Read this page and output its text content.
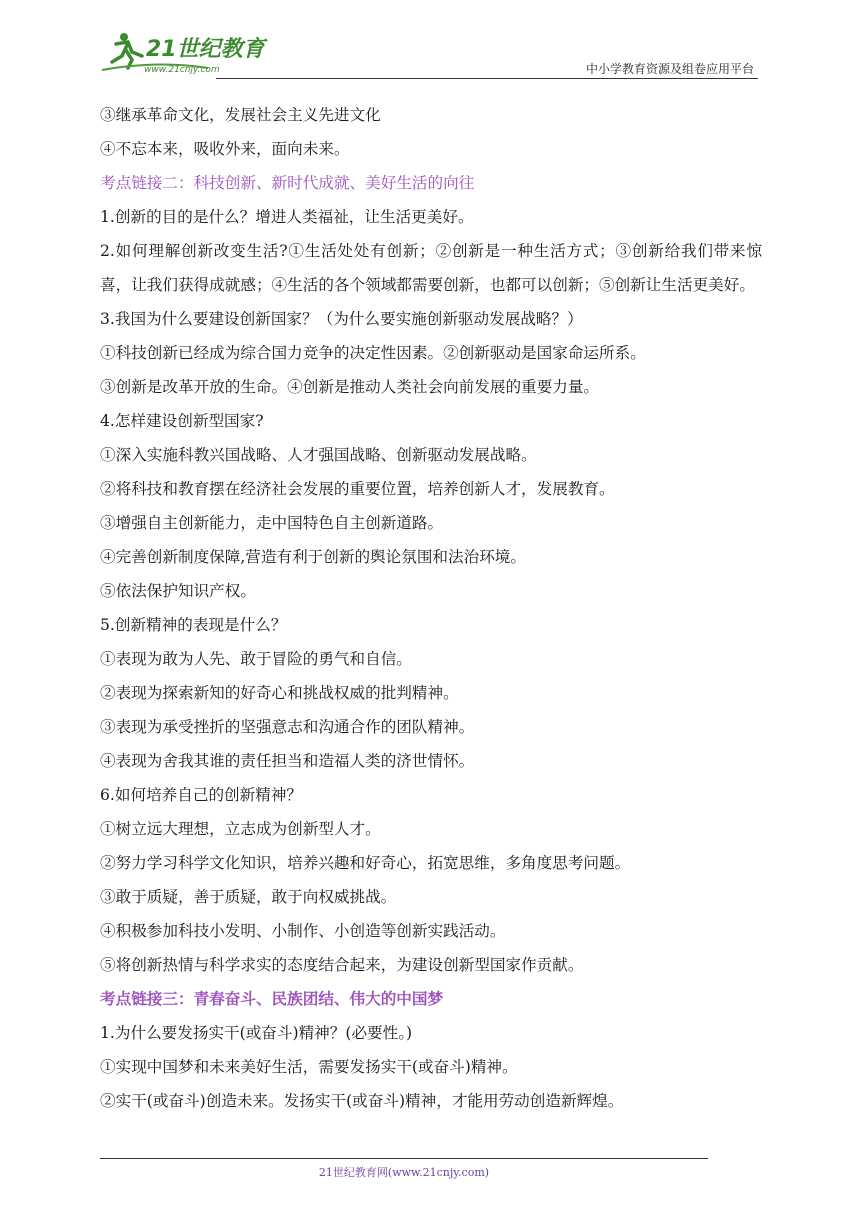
21世纪教育
www.21cnjy.com	中小学教育资源及组卷应用平台
③继承革命文化，发展社会主义先进文化
④不忘本来，吸收外来，面向未来。
考点链接二：科技创新、新时代成就、美好生活的向往
1.创新的目的是什么？增进人类福祉，让生活更美好。
2.如何理解创新改变生活?①生活处处有创新；②创新是一种生活方式；③创新给我们带来惊喜，让我们获得成就感；④生活的各个领域都需要创新，也都可以创新；⑤创新让生活更美好。
3.我国为什么要建设创新国家？（为什么要实施创新驱动发展战略？）
①科技创新已经成为综合国力竞争的决定性因素。②创新驱动是国家命运所系。
③创新是改革开放的生命。④创新是推动人类社会向前发展的重要力量。
4.怎样建设创新型国家?
①深入实施科教兴国战略、人才强国战略、创新驱动发展战略。
②将科技和教育摆在经济社会发展的重要位置，培养创新人才，发展教育。
③增强自主创新能力，走中国特色自主创新道路。
④完善创新制度保障,营造有利于创新的舆论氛围和法治环境。
⑤依法保护知识产权。
5.创新精神的表现是什么？
①表现为敢为人先、敢于冒险的勇气和自信。
②表现为探索新知的好奇心和挑战权威的批判精神。
③表现为承受挫折的坚强意志和沟通合作的团队精神。
④表现为舍我其谁的责任担当和造福人类的济世情怀。
6.如何培养自己的创新精神？
①树立远大理想，立志成为创新型人才。
②努力学习科学文化知识，培养兴趣和好奇心，拓宽思维，多角度思考问题。
③敢于质疑，善于质疑，敢于向权威挑战。
④积极参加科技小发明、小制作、小创造等创新实践活动。
⑤将创新热情与科学求实的态度结合起来，为建设创新型国家作贡献。
考点链接三：青春奋斗、民族团结、伟大的中国梦
1.为什么要发扬实干(或奋斗)精神？(必要性。)
①实现中国梦和未来美好生活，需要发扬实干(或奋斗)精神。
②实干(或奋斗)创造未来。发扬实干(或奋斗)精神，才能用劳动创造新辉煌。
21世纪教育网(www.21cnjy.com)
